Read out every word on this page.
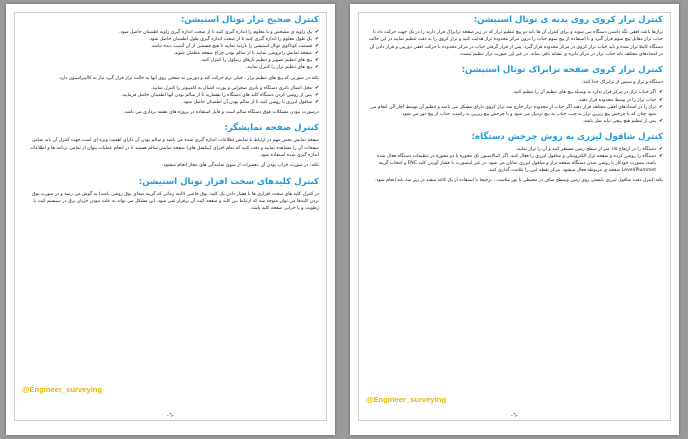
کنترل تراز کروی روی بدنه ی توتال استیشن:
ترازها باعث افقی نگه داشتن دستگاه می شوند و برای کنترل آن ها باید دو پیچ تنظیم تراز که در زیر صفحه ترابراک قرار دارند را در یک جهت حرکت داد تا حباب تراز مقابل پیچ سوم قرار گیرد و با استفاده از پیچ سوم حباب را درون مرکز محدوده تراز هدایت کنید و تراز کروی را به دقت تنظیم نمایید در این حالت دستگاه کاملا تراز شده و باید حباب تراز کروی در مرکز محدوده قرار گیرد. پس از قرار گرفتن حباب در مرکز محدوده با حرکت افقی دوربین و قرار دادن آن در امتدادهای مختلف باید حباب تراز در مرکز دایره ی نشانه باقی بماند. در غیر این صورت تراز تنظیم نیست.
کنترل تراز کروی صفحه ترابراک توتال استیشن:
دستگاه و تراز و سپس از ترابراک جدا کنید:
✔ اگر حباب تراز در مرکز قرار ندارد به وسیله پیچ های تنظیم آن را تنظیم کنید.
✔ حباب تراز را در وسط محدوده قرار دهید.
✔ تراز را در امتدادهای افقی مختلف قرار دهید اگر حباب از محدوده تراز خارج شد تراز کروی دارای مشکل می باشد و تنظیم آن توسط آچار آلن انجام می شود چنان که با چرخش پیچ زیرین تراز به چپ، حباب به پیچ نزدیک می شود و با چرخش پیچ زیرین به راست، حباب از پیچ دور می شود.
✔ پس از تنظیم هیچ پیچی نباید شل باشد.
کنترل شاقول لیزری به روش چرخش دستگاه:
✔ دستگاه را در ارتفاع ۱/۵ متر از سطح زمین مستقر کنید و آن را تراز نمایید.
✔ دستگاه را روشن کرده و صفحه تراز الکترونیکی و شاقول لیزری را فعال کنید. اگر کیبالاسیون تک محوره یا دو محوره در تنظیمات دستگاه فعال شده باشد، بصورت خودکار با روشن شدن دستگاه صفحه تراز و شاقول لیزری نمایان می شود. در غیر اینصورت با فشار آوردن کلید FNC و انتخاب گزینه Level/Plummet صفحه ی مربوطه فعال میشود. مرکز نقطه لیزر را علامت گذاری کنید.
نکته:کنترل دقت شاقول لیزری بایستی روی زمین وسطح صاف در محیطی با نور مناسب ، ترجیحا با استفاده از یک کاغذ سفید در زیر سه پایه انجام شود.
@Engineer_surveying
-٦-
کنترل صحیح تراز توتال استیشن:
✔ یک زاویه ی مشخص و یا معلوم را اندازه گیری کنید تا از صحت اندازه گیری زاویه اطمینان حاصل شود.
✔ یک طول معلوم را اندازه گیری کنید تا از صحت اندازه گیری طول اطمینان حاصل شود.
✔ قسمت کوتاکوی توتال استیشن را بازدید نمایید تا هیچ قسمتی از آن آسیب دیده نباشد.
✔ صفحه نمایش رابروشن نمایید تا از سالم بودن چراغ صفحه مطمئن شوید.
✔ پیچ های تنظیم تصویر و تنظیم تارهای رتیکول را کنترل کنید.
✔ پیچ های تنظیم تراز را کنترل نمایید.
نکته:در صورتی که پیچ های تنظیم تراز ، خیلی نرم حرکت کند و دوربین به سختی روی آنها به حالت تراز قرار گیرد نیاز به کالیبراسیون دارد.
✔ محل اتصال باتری دستگاه و باتری صحرایی و پورت اتصال به کامپیوتر را کنترل نمایید.
✔ پس از روشن کردن دستگاه کلید های دستگاه را بفشارید تا از سالم بودن آنها اطمینان حاصل فرمایید.
✔ شاقول لیزری یا روشن کنید تا از سالم بودن آن اطمینان حاصل شود.
درصورت نبودن مشکلات فوق دستگاه سالم است و قابل استفاده در پروژه های نقشه برداری می باشد.
کنترل صفحه نمایشگر:
صفحه نمایش بخش مهم در ارتباط با نمایش اطلاعات اندازه گیری شده می باشد و سالم بودن آن دارای اهمیت ویژه ای است.جهت کنترل آن باید تمامی صفحات آن را مشاهده نمایید و دقت کنید که تمام اجزای (پیکسل های) صفحه نمایش سالم هستند تا در انجام عملیات بتوان از تمامی برنامه ها و اطلاعات اندازه گیری شده استفاده نمود.
نکته: در صورت خراب بودن آن ،تعمیرات از سوی نمایندگی های مجاز انجام میشود.
کنترل کلیدهای سخت افزار توتال استیشن:
در کنترل کلید های سخت افزاری ها با فشار دادن یک کلید، بوق خاصی (البته زمانی که گزینه صدای بوق روشن باشد) به گوش می رسد و در صورت بوق نزدن کلیدها می توان متوجه شد که ارتباط بین کلید و صفحه کیت آن برقرار نمی شود. این مشکل می تواند به علت نبودن جریان برق در سیستم کیت یا رطوبت و یا خرابی صفحه کلید باشد.
@Engineer_surveying
-٦-
